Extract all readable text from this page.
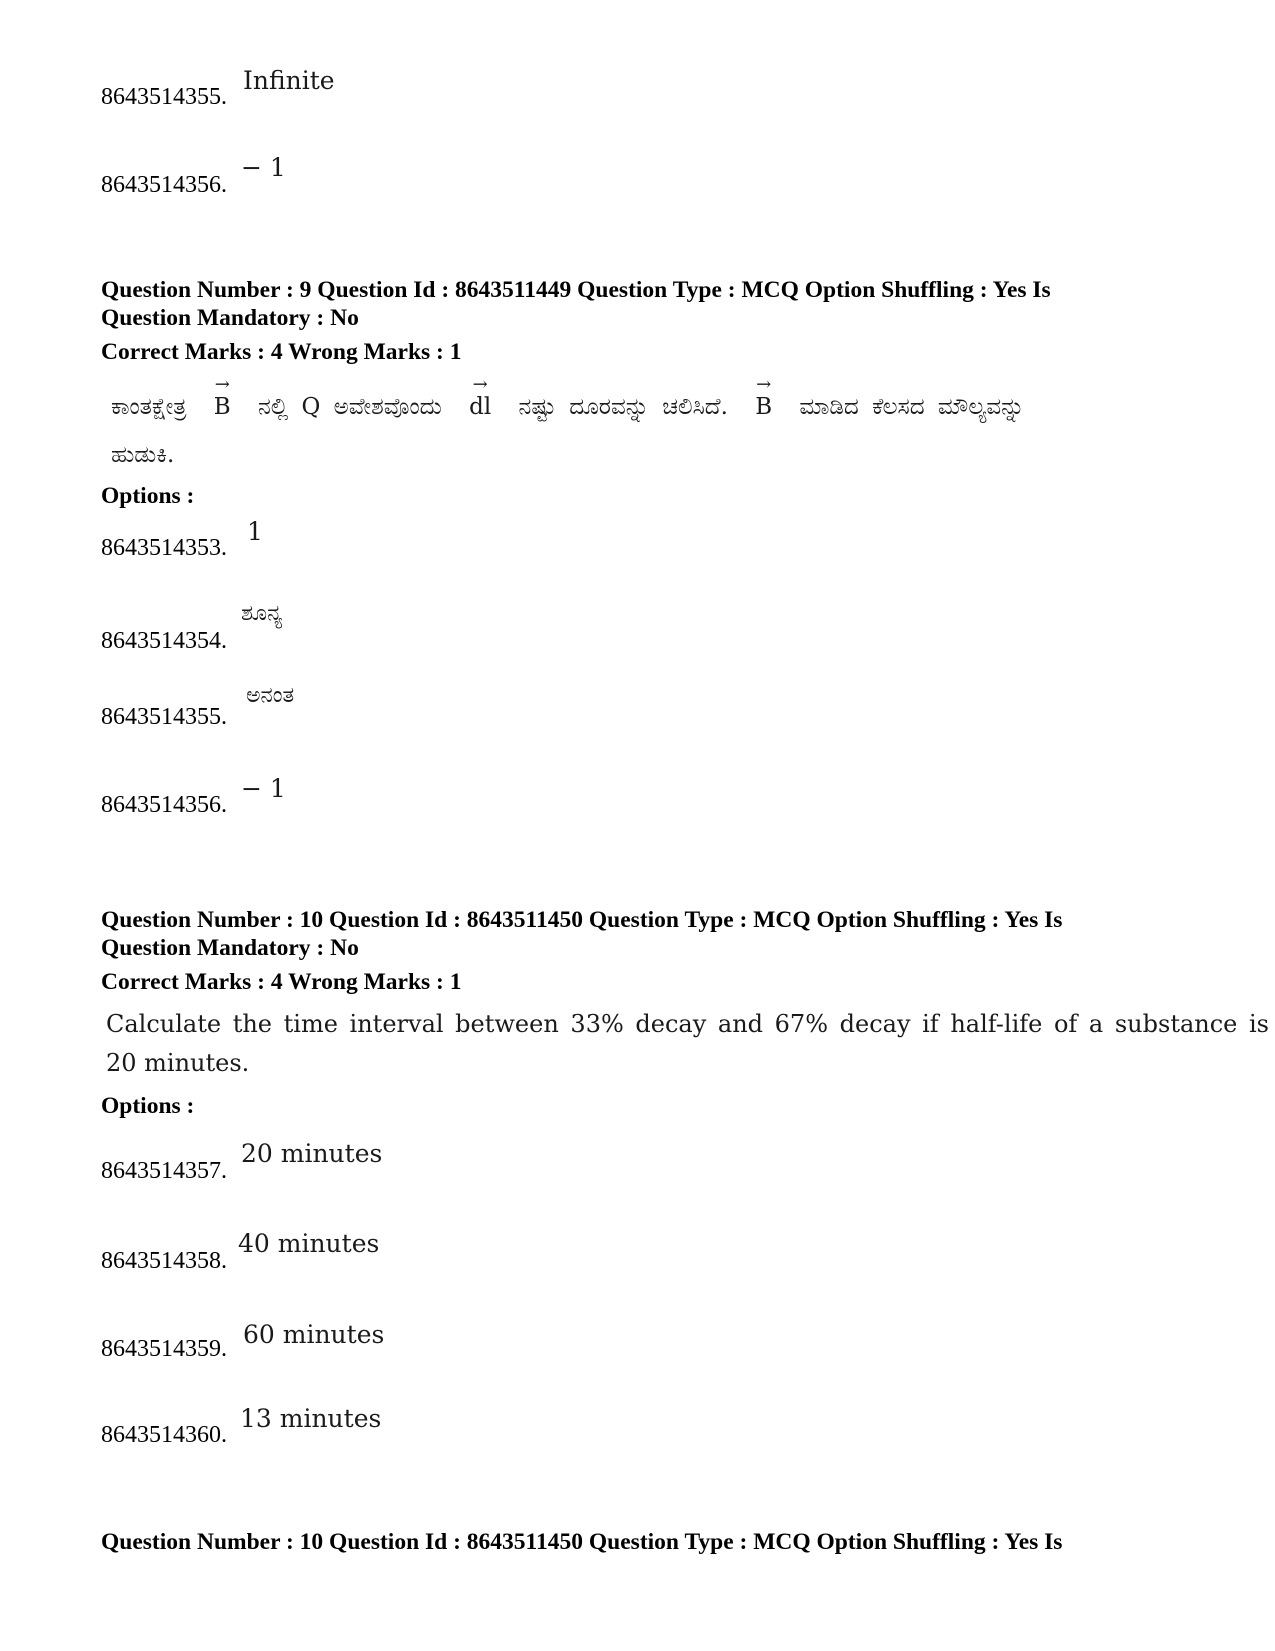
8643514355.
Infinite
8643514356.
− 1
Question Number : 9 Question Id : 8643511449 Question Type : MCQ Option Shuffling : Yes Is
Question Mandatory : No
Correct Marks : 4 Wrong Marks : 1
ಕಾಂತಕ್ಷೇತ್ರ
→
B ನಲ್ಲಿ Q ಅವೇಶವೊಂದು
→
dl ನಷ್ಟು ದೂರವನ್ನು ಚಲಿಸಿದೆ.
→
B ಮಾಡಿದ ಕೆಲಸದ ಮೌಲ್ಯವನ್ನು
ಹುಡುಕಿ.
Options :
8643514353.
1
8643514354.
ಶೂನ್ಯ
8643514355.
ಅನಂತ
8643514356.
− 1
Question Number : 10 Question Id : 8643511450 Question Type : MCQ Option Shuffling : Yes Is
Question Mandatory : No
Correct Marks : 4 Wrong Marks : 1
Calculate the time interval between 33% decay and 67% decay if half-life of a substance is
20 minutes.
Options :
8643514357.
20 minutes
8643514358.
40 minutes
8643514359. 60 minutes
8643514360.
13 minutes
Question Number : 10 Question Id : 8643511450 Question Type : MCQ Option Shuffling : Yes Is
